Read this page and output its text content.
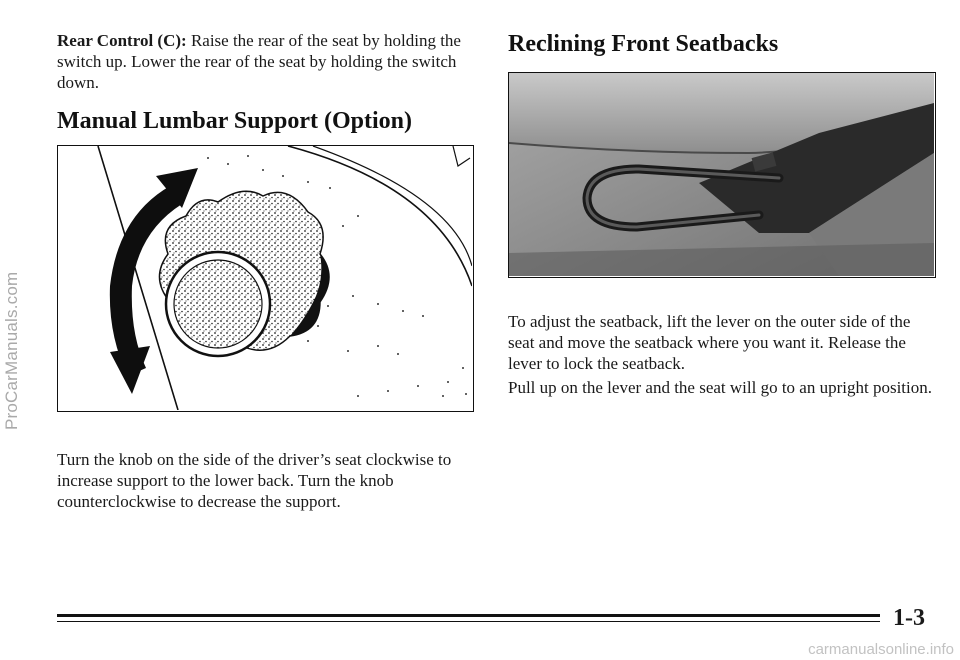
ProCarManuals.com

Rear Control (C): Raise the rear of the seat by holding the switch up. Lower the rear of the seat by holding the switch down.

Manual Lumbar Support (Option)

Turn the knob on the side of the driver’s seat clockwise to increase support to the lower back. Turn the knob counterclockwise to decrease the support.

Reclining Front Seatbacks

To adjust the seatback, lift the lever on the outer side of the seat and move the seatback where you want it. Release the lever to lock the seatback.

Pull up on the lever and the seat will go to an upright position.

1-3
carmanualsonline.info
